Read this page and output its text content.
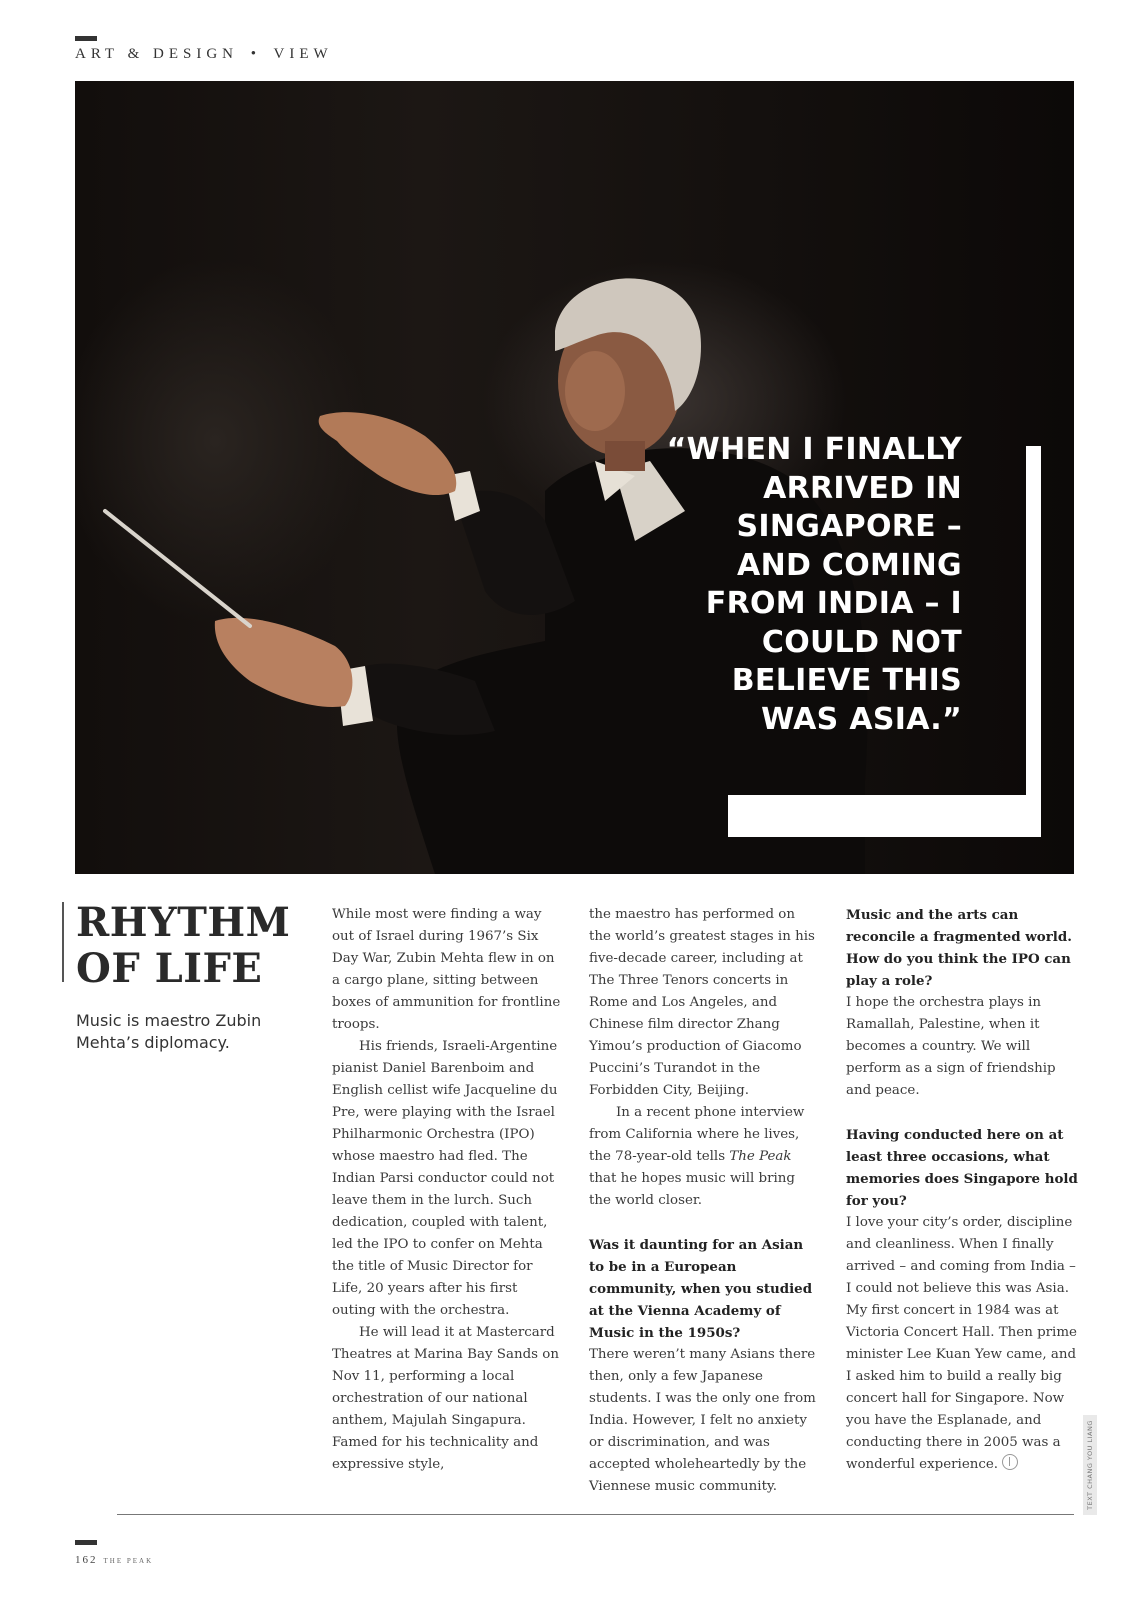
ART & DESIGN • VIEW
“WHEN I FINALLY ARRIVED IN SINGAPORE – AND COMING FROM INDIA – I COULD NOT BELIEVE THIS WAS ASIA.”
RHYTHM OF LIFE
Music is maestro Zubin Mehta’s diplomacy.

While most were finding a way out of Israel during 1967’s Six Day War, Zubin Mehta flew in on a cargo plane, sitting between boxes of ammunition for frontline troops.

His friends, Israeli-Argentine pianist Daniel Barenboim and English cellist wife Jacqueline du Pre, were playing with the Israel Philharmonic Orchestra (IPO) whose maestro had fled. The Indian Parsi conductor could not leave them in the lurch. Such dedication, coupled with talent, led the IPO to confer on Mehta the title of Music Director for Life, 20 years after his first outing with the orchestra.

He will lead it at Mastercard Theatres at Marina Bay Sands on Nov 11, performing a local orchestration of our national anthem, Majulah Singapura. Famed for his technicality and expressive style,

the maestro has performed on the world’s greatest stages in his five-decade career, including at The Three Tenors concerts in Rome and Los Angeles, and Chinese film director Zhang Yimou’s production of Giacomo Puccini’s Turandot in the Forbidden City, Beijing.

In a recent phone interview from California where he lives, the 78-year-old tells The Peak that he hopes music will bring the world closer.

Was it daunting for an Asian to be in a European community, when you studied at the Vienna Academy of Music in the 1950s?

There weren’t many Asians there then, only a few Japanese students. I was the only one from India. However, I felt no anxiety or discrimination, and was accepted wholeheartedly by the Viennese music community.

Music and the arts can reconcile a fragmented world. How do you think the IPO can play a role?

I hope the orchestra plays in Ramallah, Palestine, when it becomes a country. We will perform as a sign of friendship and peace.

Having conducted here on at least three occasions, what memories does Singapore hold for you?

I love your city’s order, discipline and cleanliness. When I finally arrived – and coming from India – I could not believe this was Asia. My first concert in 1984 was at Victoria Concert Hall. Then prime minister Lee Kuan Yew came, and I asked him to build a really big concert hall for Singapore. Now you have the Esplanade, and conducting there in 2005 was a wonderful experience.	TEXT CHANG YOU LIANG
162 THE PEAK
